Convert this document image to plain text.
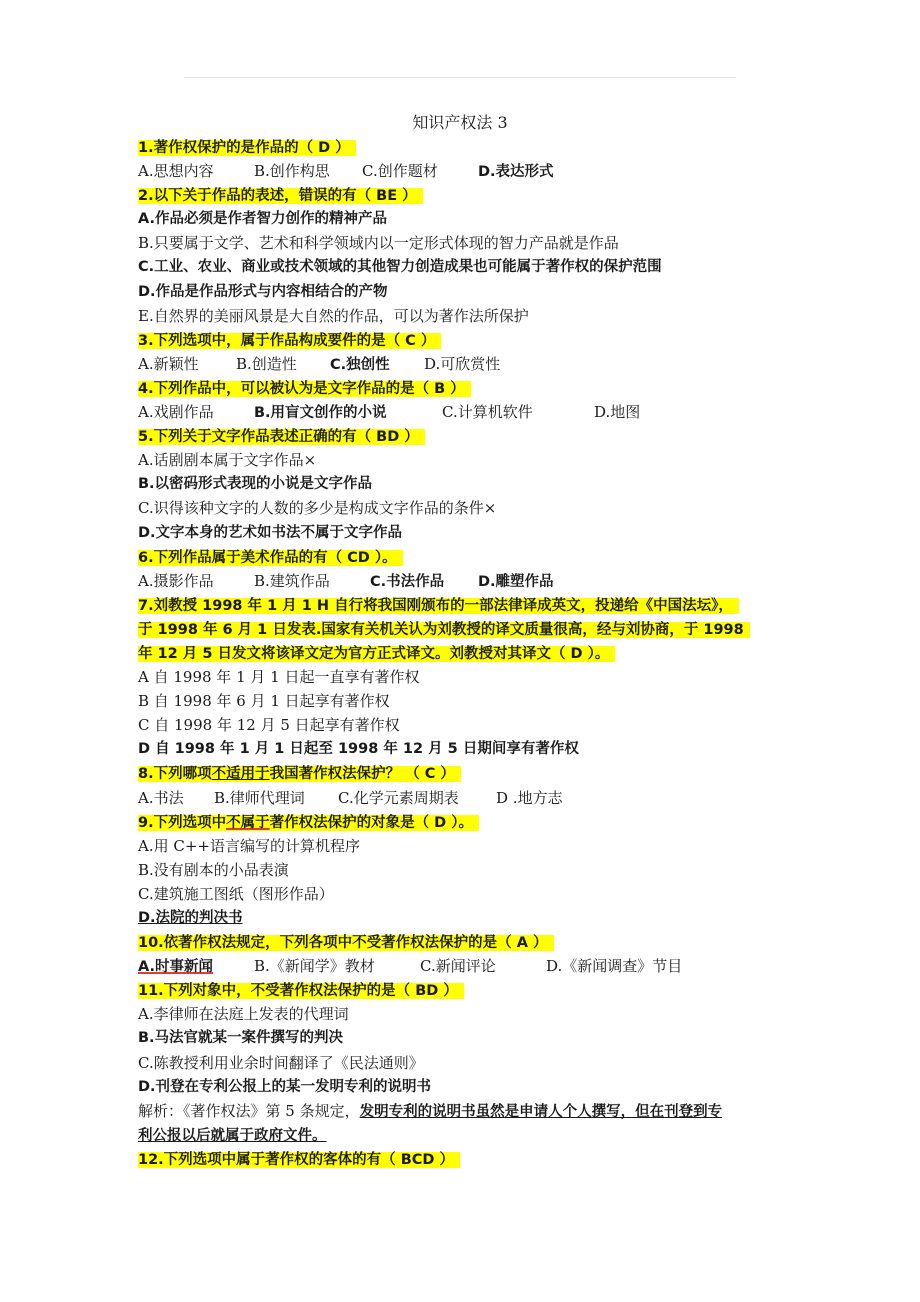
知识产权法 3
1.著作权保护的是作品的（ D ）
A.思想内容	B.创作构思 C.创作题材	D.表达形式
2.以下关于作品的表述，错误的有（ BE ）
A.作品必须是作者智力创作的精神产品
B.只要属于文学、艺术和科学领域内以一定形式体现的智力产品就是作品
C.工业、农业、商业或技术领域的其他智力创造成果也可能属于著作权的保护范围
D.作品是作品形式与内容相结合的产物
E.自然界的美丽风景是大自然的作品，可以为著作法所保护
3.下列选项中，属于作品构成要件的是（ C ）
A.新颖性 B.创造性 C.独创性 D.可欣赏性
4.下列作品中，可以被认为是文字作品的是（ B ）
A.戏剧作品	B.用盲文创作的小说	C.计算机软件	D.地图
5.下列关于文字作品表述正确的有（ BD ）
A.话剧剧本属于文字作品×
B.以密码形式表现的小说是文字作品
C.识得该种文字的人数的多少是构成文字作品的条件×
D.文字本身的艺术如书法不属于文字作品
6.下列作品属于美术作品的有（ CD ）。
A.摄影作品	B.建筑作品	C.书法作品 D.雕塑作品
7.刘教授 1998 年 1 月 1 H 自行将我国刚颁布的一部法律译成英文，投递给《中国法坛》，
于 1998 年 6 月 1 日发表.国家有关机关认为刘教授的译文质量很高，经与刘协商，于 1998
年 12 月 5 日发文将该译文定为官方正式译文。刘教授对其译文（ D ）。
A 自 1998 年 1 月 1 日起一直享有著作权
B 自 1998 年 6 月 1 日起享有著作权
C 自 1998 年 12 月 5 日起享有著作权
D 自 1998 年 1 月 1 日起至 1998 年 12 月 5 日期间享有著作权
8.下列哪项不适用于我国著作权法保护？ （ C ）
A.书法 B.律师代理词 C.化学元素周期表 D .地方志
9.下列选项中不属于著作权法保护的对象是（ D ）。
A.用 C++语言编写的计算机程序
B.没有剧本的小品表演
C.建筑施工图纸（图形作品）
D.法院的判决书
10.依著作权法规定，下列各项中不受著作权法保护的是（ A ）
A.时事新闻	B.《新闻学》教材	C.新闻评论	D.《新闻调查》节目
11.下列对象中，不受著作权法保护的是（ BD ）
A.李律师在法庭上发表的代理词
B.马法官就某一案件撰写的判决
C.陈教授利用业余时间翻译了《民法通则》
D.刊登在专利公报上的某一发明专利的说明书
解析：《著作权法》第 5 条规定，发明专利的说明书虽然是申请人个人撰写，但在刊登到专
利公报以后就属于政府文件。
12.下列选项中属于著作权的客体的有（ BCD ）
